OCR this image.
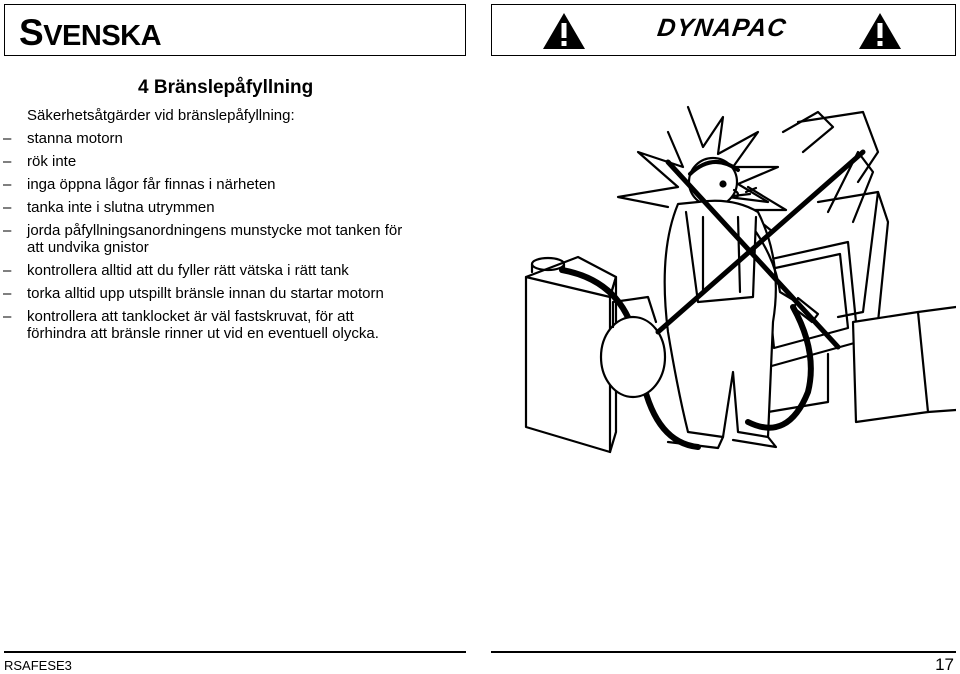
SVENSKA	DYNAPAC
4 Bränslepåfyllning
Säkerhetsåtgärder vid bränslepåfyllning:
– stanna motorn
– rök inte
– inga öppna lågor får finnas i närheten
– tanka inte i slutna utrymmen
– jorda påfyllningsanordningens munstycke mot tanken för
att undvika gnistor
– kontrollera alltid att du fyller rätt vätska i rätt tank
– torka alltid upp utspillt bränsle innan du startar motorn
– kontrollera att tanklocket är väl fastskruvat, för att
förhindra att bränsle rinner ut vid en eventuell olycka.
RSAFESE3	17
